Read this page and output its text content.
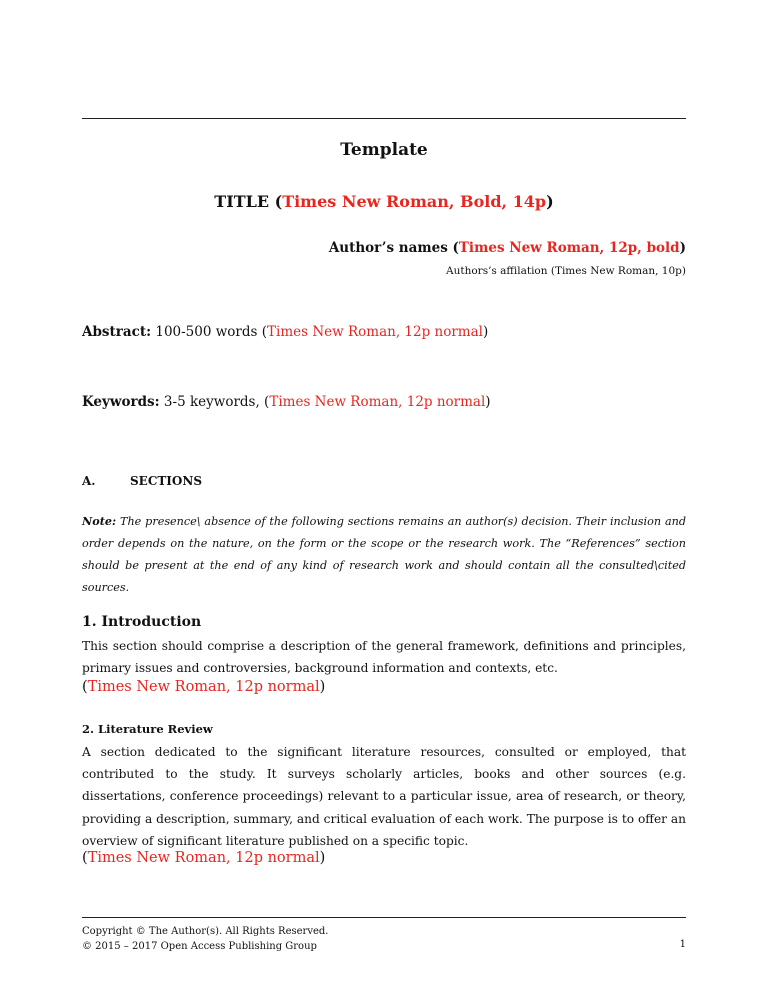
Template
TITLE (Times New Roman, Bold, 14p)
Author’s names (Times New Roman, 12p, bold)
Authors’s affilation (Times New Roman, 10p)
Abstract: 100-500 words (Times New Roman, 12p normal)
Keywords: 3-5 keywords, (Times New Roman, 12p normal)
A.	SECTIONS
Note: The presence\ absence of the following sections remains an author(s) decision. Their inclusion and order depends on the nature, on the form or the scope or the research work. The “References” section should be present at the end of any kind of research work and should contain all the consulted\cited sources.
1. Introduction
This section should comprise a description of the general framework, definitions and principles, primary issues and controversies, background information and contexts, etc.
(Times New Roman, 12p normal)
2. Literature Review
A section dedicated to the significant literature resources, consulted or employed, that contributed to the study. It surveys scholarly articles, books and other sources (e.g. dissertations, conference proceedings) relevant to a particular issue, area of research, or theory, providing a description, summary, and critical evaluation of each work. The purpose is to offer an overview of significant literature published on a specific topic.
(Times New Roman, 12p normal)
Copyright © The Author(s). All Rights Reserved.
© 2015 – 2017 Open Access Publishing Group	1
